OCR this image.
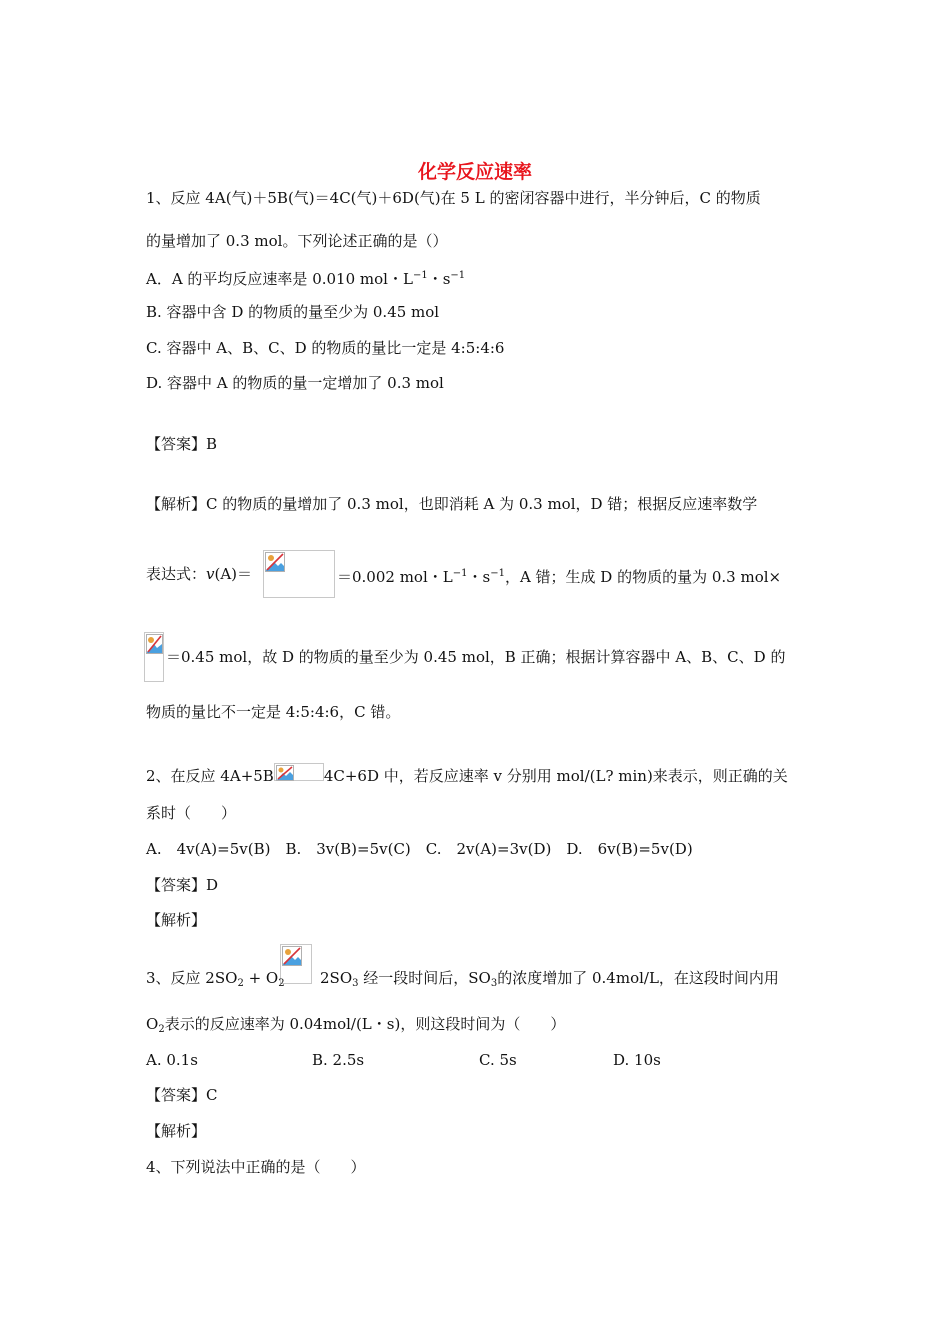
化学反应速率
1、反应 4A(气)＋5B(气)＝4C(气)＋6D(气)在 5 L 的密闭容器中进行，半分钟后，C 的物质
的量增加了 0.3 mol。下列论述正确的是（）
A．A 的平均反应速率是 0.010 mol・$L^{-1}$・$s^{-1}$
B. 容器中含 D 的物质的量至少为 0.45 mol
C. 容器中 A、B、C、D 的物质的量比一定是 4:5:4:6
D. 容器中 A 的物质的量一定增加了 0.3 mol
【答案】B
【解析】C 的物质的量增加了 0.3 mol，也即消耗 A 为 0.3 mol，D 错；根据反应速率数学
表达式：v(A)＝	＝0.002 mol・$L^{-1}$・$s^{-1}$，A 错；生成 D 的物质的量为 0.3 mol×
＝0.45 mol，故 D 的物质的量至少为 0.45 mol，B 正确；根据计算容器中 A、B、C、D 的
物质的量比不一定是 4:5:4:6，C 错。
2、在反应 4A+5B	4C+6D 中，若反应速率 v 分别用 mol/(L? min)来表示，则正确的关
系时（　　）
A.　4v(A)=5v(B)　B.　3v(B)=5v(C)　C.　2v(A)=3v(D)　D.　6v(B)=5v(D)
【答案】D
【解析】
3、反应 $2SO_2 + O_2$ $2SO_3$ 经一段时间后，$SO_3$的浓度增加了 0.4mol/L，在这段时间内用
$O_2$表示的反应速率为 0.04mol/(L・s)，则这段时间为（　　）
A. 0.1s	B. 2.5s	C. 5s	D. 10s
【答案】C
【解析】
4、下列说法中正确的是（　　）
